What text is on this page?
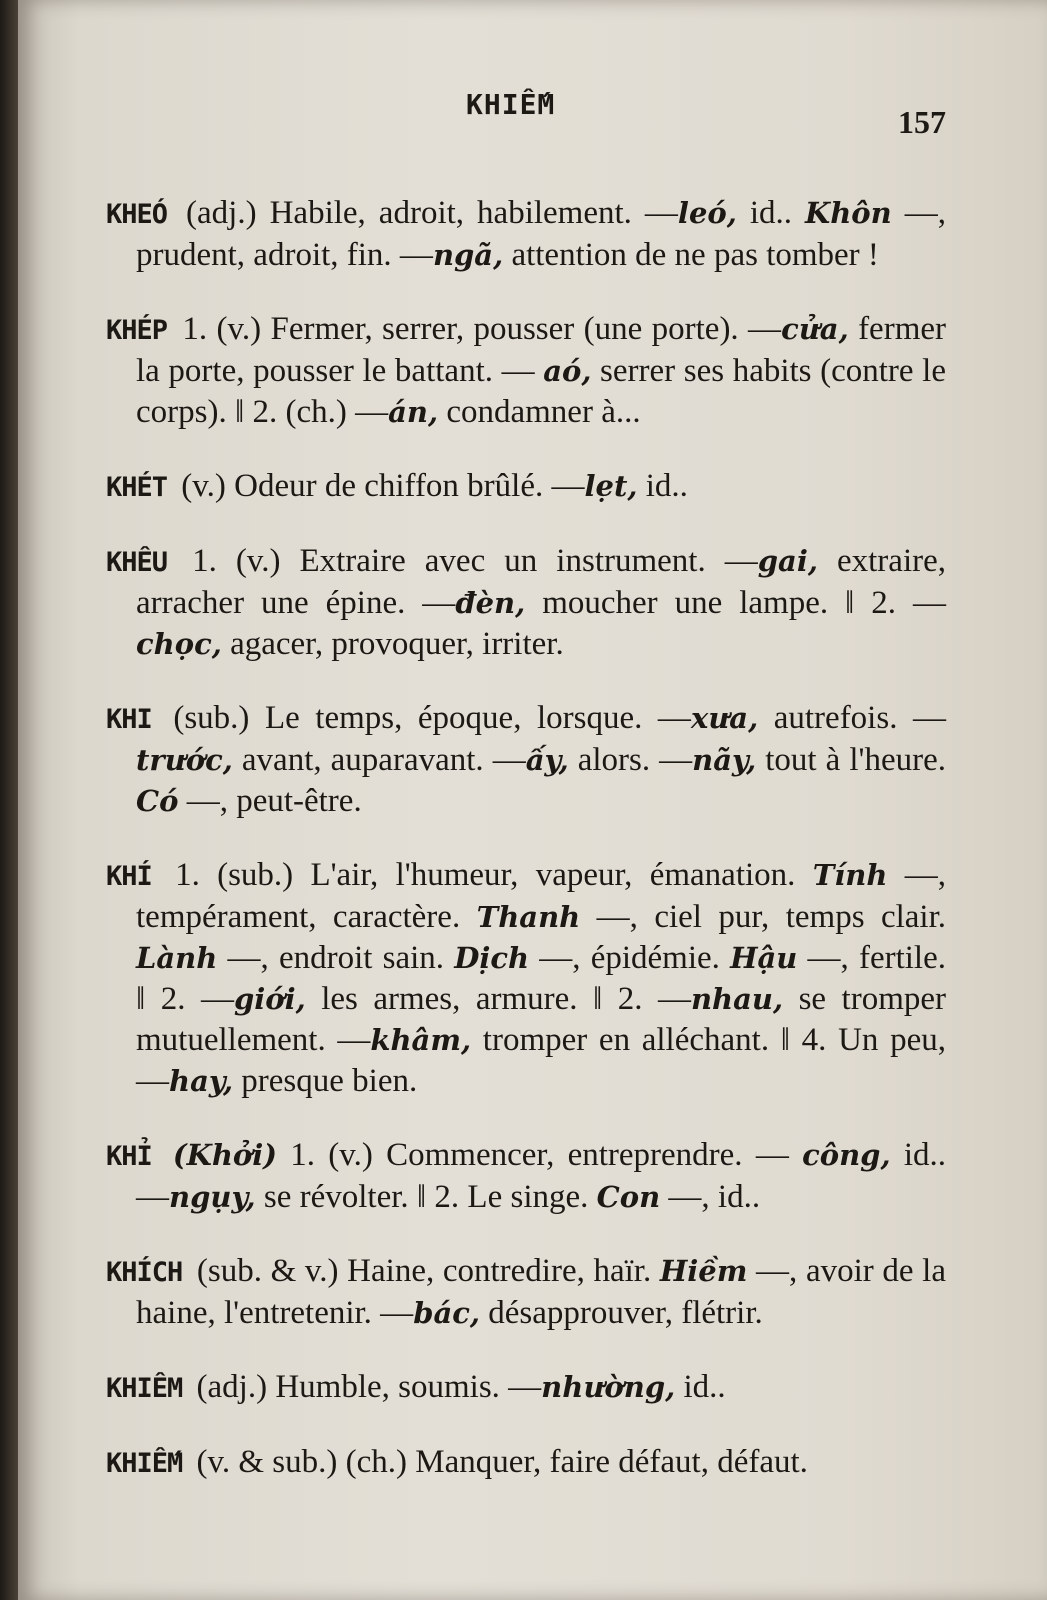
KHIẾM	157

KHEÓ (adj.) Habile, adroit, habilement. —leó, id.. Khôn —, prudent, adroit, fin. —ngã, attention de ne pas tomber !

KHÉP 1. (v.) Fermer, serrer, pousser (une porte). —cửa, fermer la porte, pousser le battant. — aó, serrer ses habits (contre le corps). ‖ 2. (ch.) —án, condamner à...

KHÉT (v.) Odeur de chiffon brûlé. —lẹt, id..

KHÊU 1. (v.) Extraire avec un instrument. —gai, extraire, arracher une épine. —đèn, moucher une lampe. ‖ 2. —chọc, agacer, provoquer, irriter.

KHI (sub.) Le temps, époque, lorsque. —xưa, autrefois. —trước, avant, auparavant. —ấy, alors. —nãy, tout à l'heure. Có —, peut-être.

KHÍ 1. (sub.) L'air, l'humeur, vapeur, émanation. Tính —, tempérament, caractère. Thanh —, ciel pur, temps clair. Lành —, endroit sain. Dịch —, épidémie. Hậu —, fertile. ‖ 2. —giới, les armes, armure. ‖ 2. —nhau, se tromper mutuellement. —khâm, tromper en alléchant. ‖ 4. Un peu, —hay, presque bien.

KHỈ (Khởi) 1. (v.) Commencer, entreprendre. — công, id.. —ngụy, se révolter. ‖ 2. Le singe. Con —, id..

KHÍCH (sub. & v.) Haine, contredire, haïr. Hiềm —, avoir de la haine, l'entretenir. —bác, désapprouver, flétrir.

KHIÊM (adj.) Humble, soumis. —nhường, id..

KHIẾM (v. & sub.) (ch.) Manquer, faire défaut, défaut.
